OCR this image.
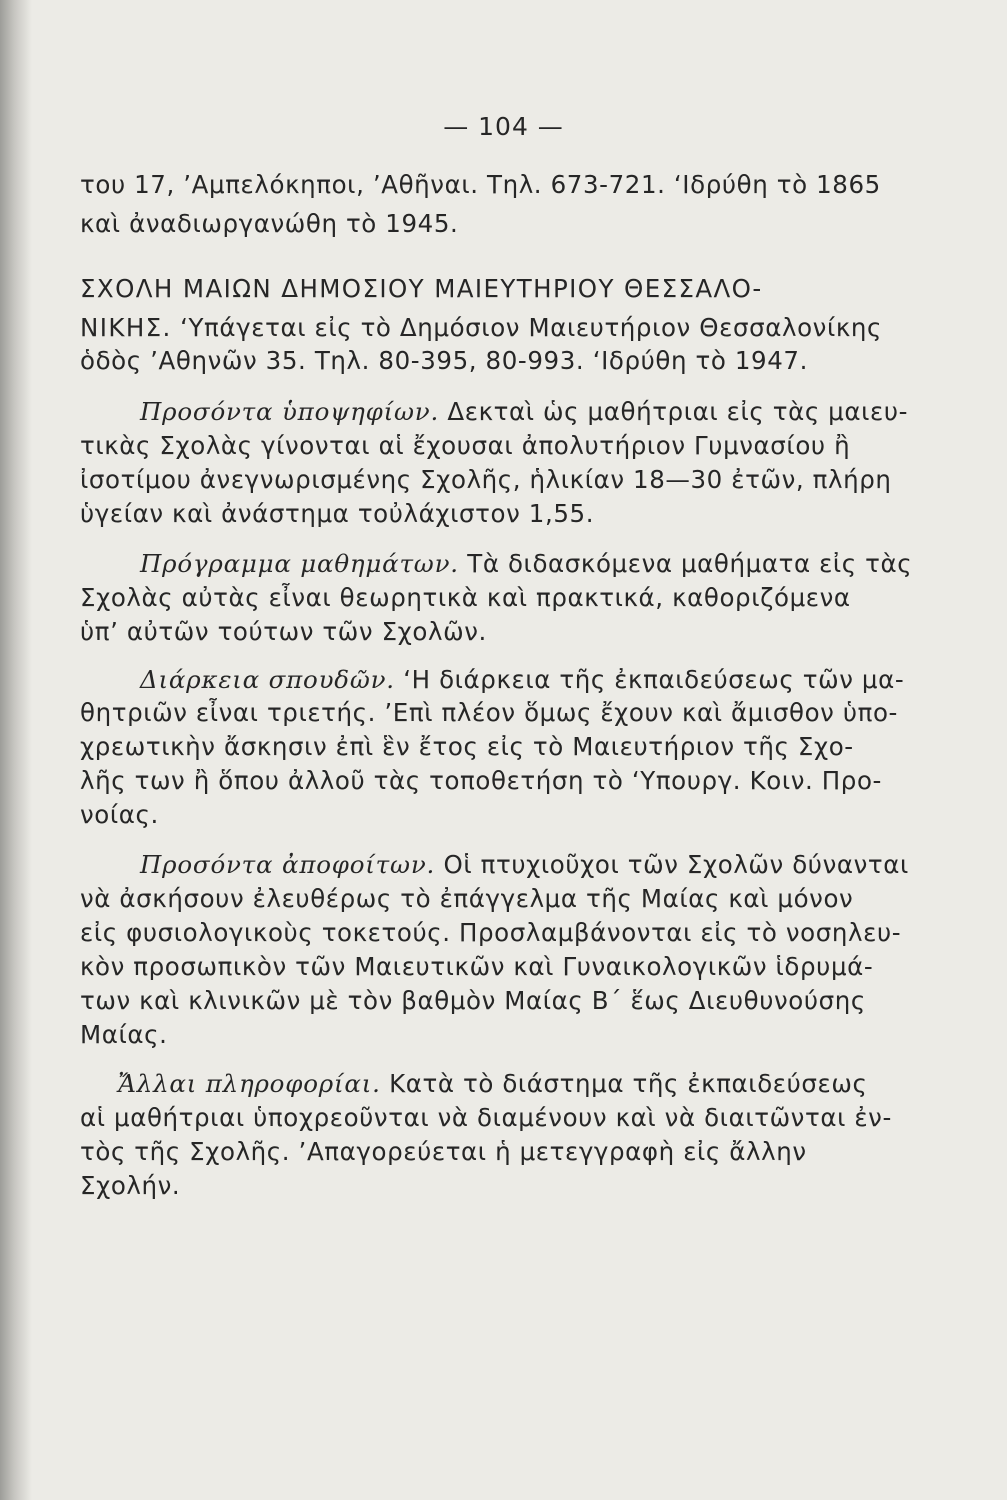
— 104 —
του 17, ’Αμπελόκηποι, ’Αθῆναι. Τηλ. 673-721. ‘Ιδρύθη τὸ 1865
καὶ ἀναδιωργανώθη τὸ 1945.
ΣΧΟΛΗ ΜΑΙΩΝ ΔΗΜΟΣΙΟΥ ΜΑΙΕΥΤΗΡΙΟΥ ΘΕΣΣΑΛΟ-
ΝΙΚΗΣ. ‘Υπάγεται εἰς τὸ Δημόσιον Μαιευτήριον Θεσσαλονίκης
ὁδὸς ’Αθηνῶν 35. Τηλ. 80-395, 80-993. ‘Ιδρύθη τὸ 1947.
Προσόντα ὑποψηφίων. Δεκταὶ ὡς μαθήτριαι εἰς τὰς μαιευ-
τικὰς Σχολὰς γίνονται αἱ ἔχουσαι ἀπολυτήριον Γυμνασίου ἢ
ἰσοτίμου ἀνεγνωρισμένης Σχολῆς, ἡλικίαν 18—30 ἐτῶν, πλήρη
ὑγείαν καὶ ἀνάστημα τοὐλάχιστον 1,55.
Πρόγραμμα μαθημάτων. Τὰ διδασκόμενα μαθήματα εἰς τὰς
Σχολὰς αὐτὰς εἶναι θεωρητικὰ καὶ πρακτικά, καθοριζόμενα
ὑπ’ αὐτῶν τούτων τῶν Σχολῶν.
Διάρκεια σπουδῶν. ‘Η διάρκεια τῆς ἐκπαιδεύσεως τῶν μα-
θητριῶν εἶναι τριετής. ’Επὶ πλέον ὅμως ἔχουν καὶ ἄμισθον ὑπο-
χρεωτικὴν ἄσκησιν ἐπὶ ἓν ἔτος εἰς τὸ Μαιευτήριον τῆς Σχο-
λῆς των ἢ ὅπου ἀλλοῦ τὰς τοποθετήση τὸ ‘Υπουργ. Κοιν. Προ-
νοίας.
Προσόντα ἀποφοίτων. Οἱ πτυχιοῦχοι τῶν Σχολῶν δύνανται
νὰ ἀσκήσουν ἐλευθέρως τὸ ἐπάγγελμα τῆς Μαίας καὶ μόνον
εἰς φυσιολογικοὺς τοκετούς. Προσλαμβάνονται εἰς τὸ νοσηλευ-
κὸν προσωπικὸν τῶν Μαιευτικῶν καὶ Γυναικολογικῶν ἱδρυμά-
των καὶ κλινικῶν μὲ τὸν βαθμὸν Μαίας Β΄ ἕως Διευθυνούσης
Μαίας.
Ἄλλαι πληροφορίαι. Κατὰ τὸ διάστημα τῆς ἐκπαιδεύσεως
αἱ μαθήτριαι ὑποχρεοῦνται νὰ διαμένουν καὶ νὰ διαιτῶνται ἐν-
τὸς τῆς Σχολῆς. ’Απαγορεύεται ἡ μετεγγραφὴ εἰς ἄλλην
Σχολήν.
